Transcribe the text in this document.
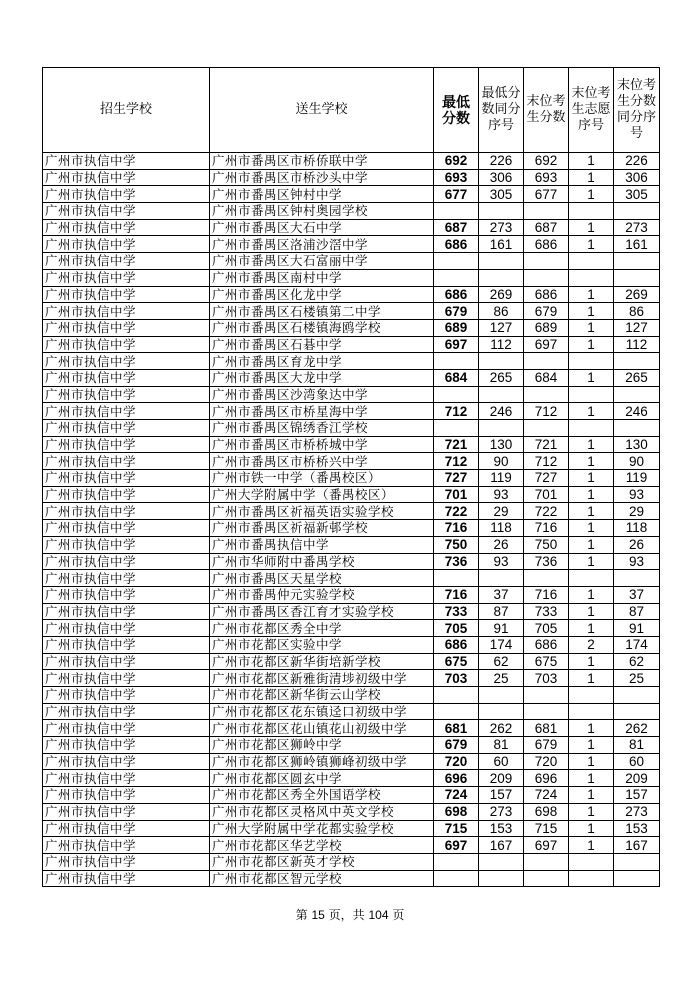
招生学校	送生学校	最低分数	最低分数同分序号	末位考生分数	末位考生志愿序号	末位考生分数同分序号
广州市执信中学	广州市番禺区市桥侨联中学	692	226	692	1	226
广州市执信中学	广州市番禺区市桥沙头中学	693	306	693	1	306
广州市执信中学	广州市番禺区钟村中学	677	305	677	1	305
广州市执信中学	广州市番禺区钟村奥园学校					
广州市执信中学	广州市番禺区大石中学	687	273	687	1	273
广州市执信中学	广州市番禺区洛浦沙滘中学	686	161	686	1	161
广州市执信中学	广州市番禺区大石富丽中学					
广州市执信中学	广州市番禺区南村中学					
广州市执信中学	广州市番禺区化龙中学	686	269	686	1	269
广州市执信中学	广州市番禺区石楼镇第二中学	679	86	679	1	86
广州市执信中学	广州市番禺区石楼镇海鸥学校	689	127	689	1	127
广州市执信中学	广州市番禺区石碁中学	697	112	697	1	112
广州市执信中学	广州市番禺区育龙中学					
广州市执信中学	广州市番禺区大龙中学	684	265	684	1	265
广州市执信中学	广州市番禺区沙湾象达中学					
广州市执信中学	广州市番禺区市桥星海中学	712	246	712	1	246
广州市执信中学	广州市番禺区锦绣香江学校					
广州市执信中学	广州市番禺区市桥桥城中学	721	130	721	1	130
广州市执信中学	广州市番禺区市桥桥兴中学	712	90	712	1	90
广州市执信中学	广州市铁一中学（番禺校区）	727	119	727	1	119
广州市执信中学	广州大学附属中学（番禺校区）	701	93	701	1	93
广州市执信中学	广州市番禺区祈福英语实验学校	722	29	722	1	29
广州市执信中学	广州市番禺区祈福新邨学校	716	118	716	1	118
广州市执信中学	广州市番禺执信中学	750	26	750	1	26
广州市执信中学	广州市华师附中番禺学校	736	93	736	1	93
广州市执信中学	广州市番禺区天星学校					
广州市执信中学	广州市番禺仲元实验学校	716	37	716	1	37
广州市执信中学	广州市番禺区香江育才实验学校	733	87	733	1	87
广州市执信中学	广州市花都区秀全中学	705	91	705	1	91
广州市执信中学	广州市花都区实验中学	686	174	686	2	174
广州市执信中学	广州市花都区新华街培新学校	675	62	675	1	62
广州市执信中学	广州市花都区新雅街清埗初级中学	703	25	703	1	25
广州市执信中学	广州市花都区新华街云山学校					
广州市执信中学	广州市花都区花东镇迳口初级中学					
广州市执信中学	广州市花都区花山镇花山初级中学	681	262	681	1	262
广州市执信中学	广州市花都区狮岭中学	679	81	679	1	81
广州市执信中学	广州市花都区狮岭镇狮峰初级中学	720	60	720	1	60
广州市执信中学	广州市花都区圆玄中学	696	209	696	1	209
广州市执信中学	广州市花都区秀全外国语学校	724	157	724	1	157
广州市执信中学	广州市花都区灵格风中英文学校	698	273	698	1	273
广州市执信中学	广州大学附属中学花都实验学校	715	153	715	1	153
广州市执信中学	广州市花都区华艺学校	697	167	697	1	167
广州市执信中学	广州市花都区新英才学校					
广州市执信中学	广州市花都区智元学校					
第 15 页，共 104 页
